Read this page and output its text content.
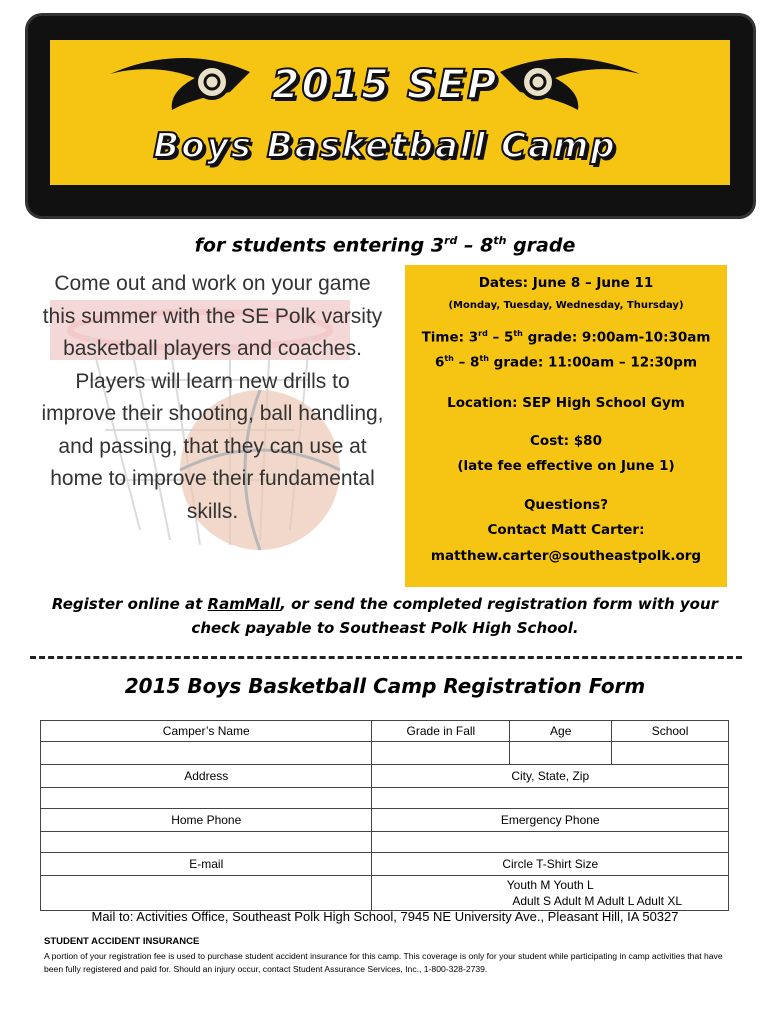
2015 SEP
Boys Basketball Camp
for students entering 3rd – 8th grade
Come out and work on your game this summer with the SE Polk varsity basketball players and coaches. Players will learn new drills to improve their shooting, ball handling, and passing, that they can use at home to improve their fundamental skills.
Dates: June 8 – June 11
(Monday, Tuesday, Wednesday, Thursday)
Time: 3rd – 5th grade: 9:00am-10:30am
6th – 8th grade: 11:00am – 12:30pm
Location: SEP High School Gym
Cost: $80
(late fee effective on June 1)
Questions?
Contact Matt Carter:
matthew.carter@southeastpolk.org
Register online at RamMall, or send the completed registration form with your check payable to Southeast Polk High School.
2015 Boys Basketball Camp Registration Form
Camper’s Name	Grade in Fall	Age	School

Address	City, State, Zip		

Home Phone	Emergency Phone		

E-mail	Circle T-Shirt Size		

	Youth M Youth L
Adult S Adult M Adult L Adult XL		
Mail to: Activities Office, Southeast Polk High School, 7945 NE University Ave., Pleasant Hill, IA 50327
STUDENT ACCIDENT INSURANCE
A portion of your registration fee is used to purchase student accident insurance for this camp. This coverage is only for your student while participating in camp activities that have been fully registered and paid for. Should an injury occur, contact Student Assurance Services, Inc., 1-800-328-2739.
